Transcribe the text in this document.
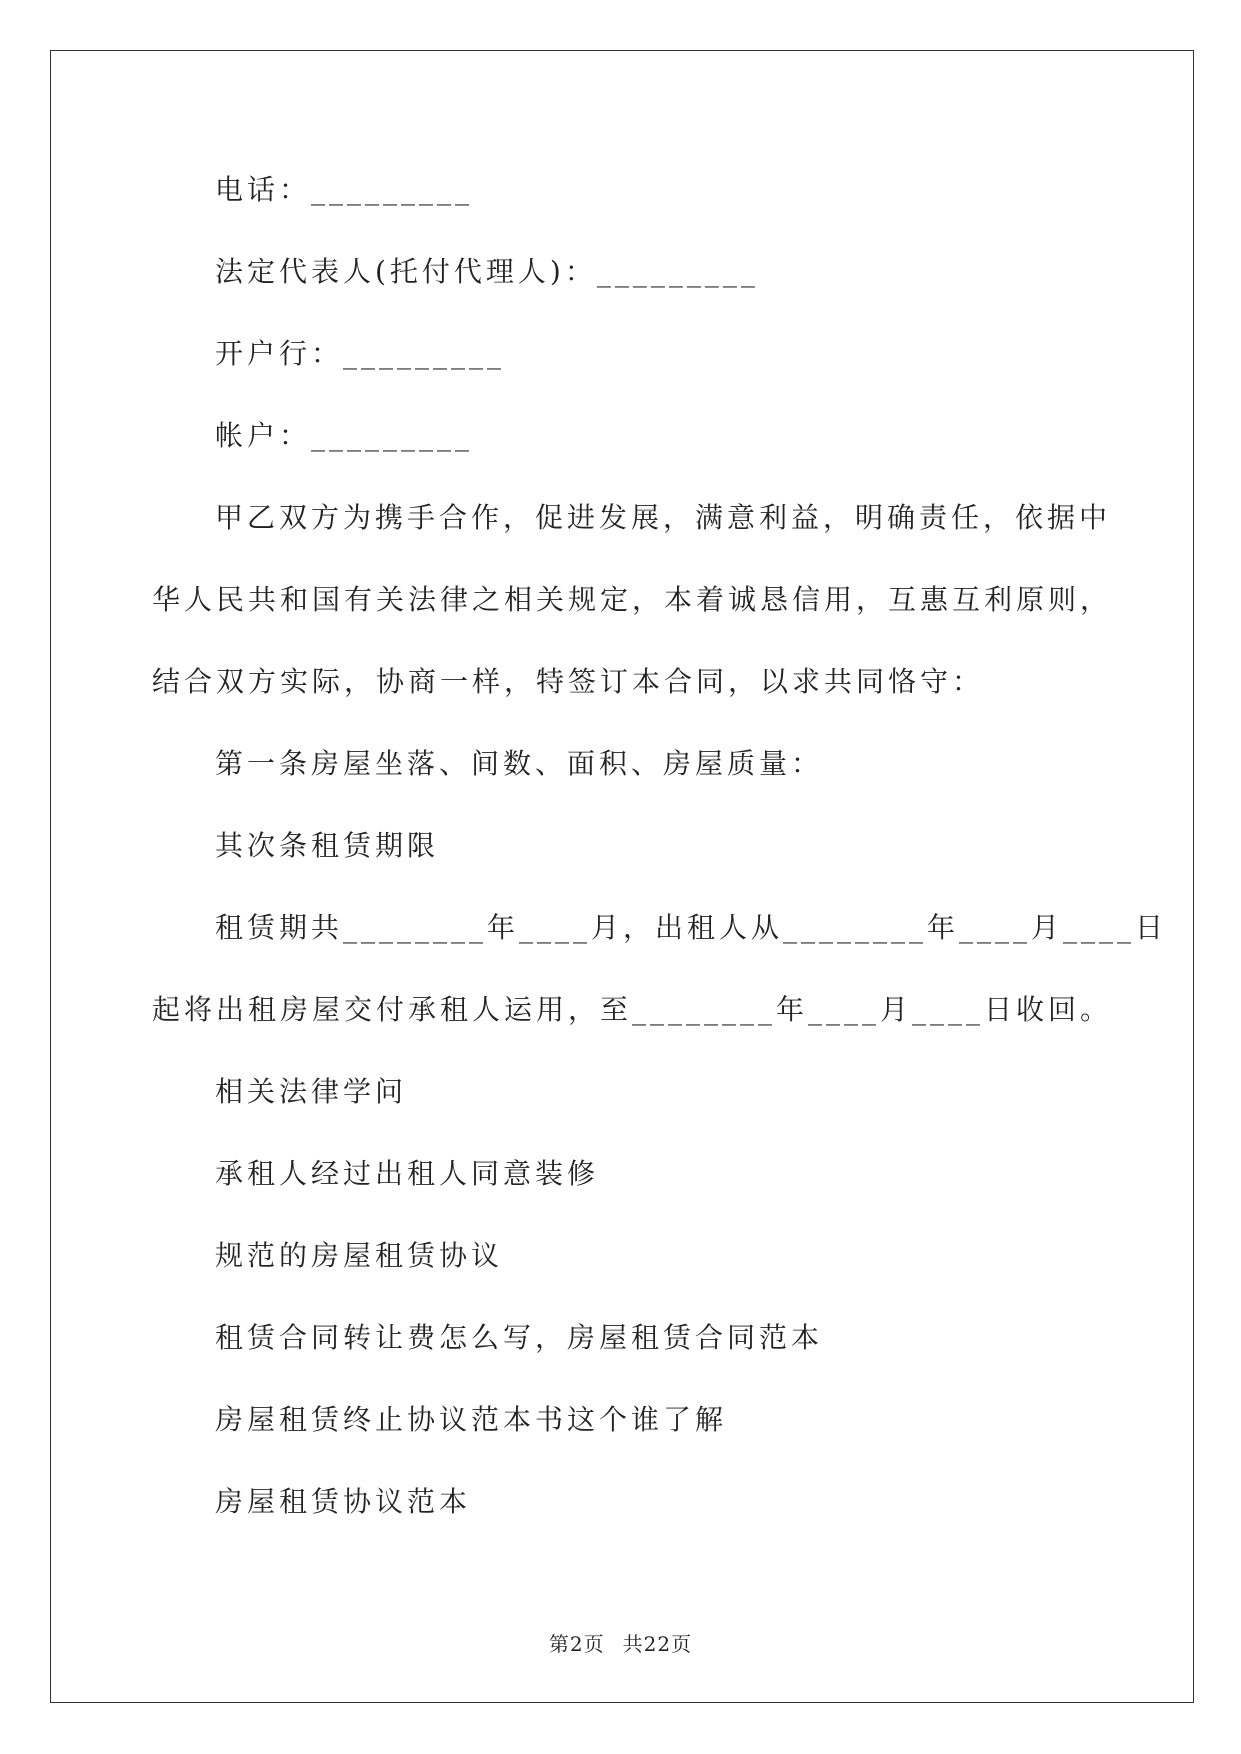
电话：_________
法定代表人(托付代理人)：_________
开户行：_________
帐户：_________
甲乙双方为携手合作，促进发展，满意利益，明确责任，依据中
华人民共和国有关法律之相关规定，本着诚恳信用，互惠互利原则，
结合双方实际，协商一样，特签订本合同，以求共同恪守：
第一条房屋坐落、间数、面积、房屋质量：
其次条租赁期限
租赁期共________年____月，出租人从________年____月____日
起将出租房屋交付承租人运用，至________年____月____日收回。
相关法律学问
承租人经过出租人同意装修
规范的房屋租赁协议
租赁合同转让费怎么写，房屋租赁合同范本
房屋租赁终止协议范本书这个谁了解
房屋租赁协议范本
第2页 共22页
